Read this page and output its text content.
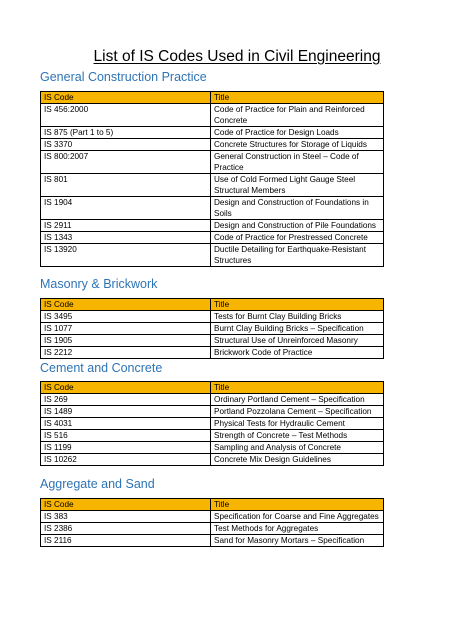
List of IS Codes Used in Civil Engineering
General Construction Practice
IS Code	Title
IS 456:2000	Code of Practice for Plain and Reinforced Concrete
IS 875 (Part 1 to 5)	Code of Practice for Design Loads
IS 3370	Concrete Structures for Storage of Liquids
IS 800:2007	General Construction in Steel – Code of Practice
IS 801	Use of Cold Formed Light Gauge Steel Structural Members
IS 1904	Design and Construction of Foundations in Soils
IS 2911	Design and Construction of Pile Foundations
IS 1343	Code of Practice for Prestressed Concrete
IS 13920	Ductile Detailing for Earthquake-Resistant Structures
Masonry & Brickwork
IS Code	Title
IS 3495	Tests for Burnt Clay Building Bricks
IS 1077	Burnt Clay Building Bricks – Specification
IS 1905	Structural Use of Unreinforced Masonry
IS 2212	Brickwork Code of Practice
Cement and Concrete
IS Code	Title
IS 269	Ordinary Portland Cement – Specification
IS 1489	Portland Pozzolana Cement – Specification
IS 4031	Physical Tests for Hydraulic Cement
IS 516	Strength of Concrete – Test Methods
IS 1199	Sampling and Analysis of Concrete
IS 10262	Concrete Mix Design Guidelines
Aggregate and Sand
IS Code	Title
IS 383	Specification for Coarse and Fine Aggregates
IS 2386	Test Methods for Aggregates
IS 2116	Sand for Masonry Mortars – Specification
